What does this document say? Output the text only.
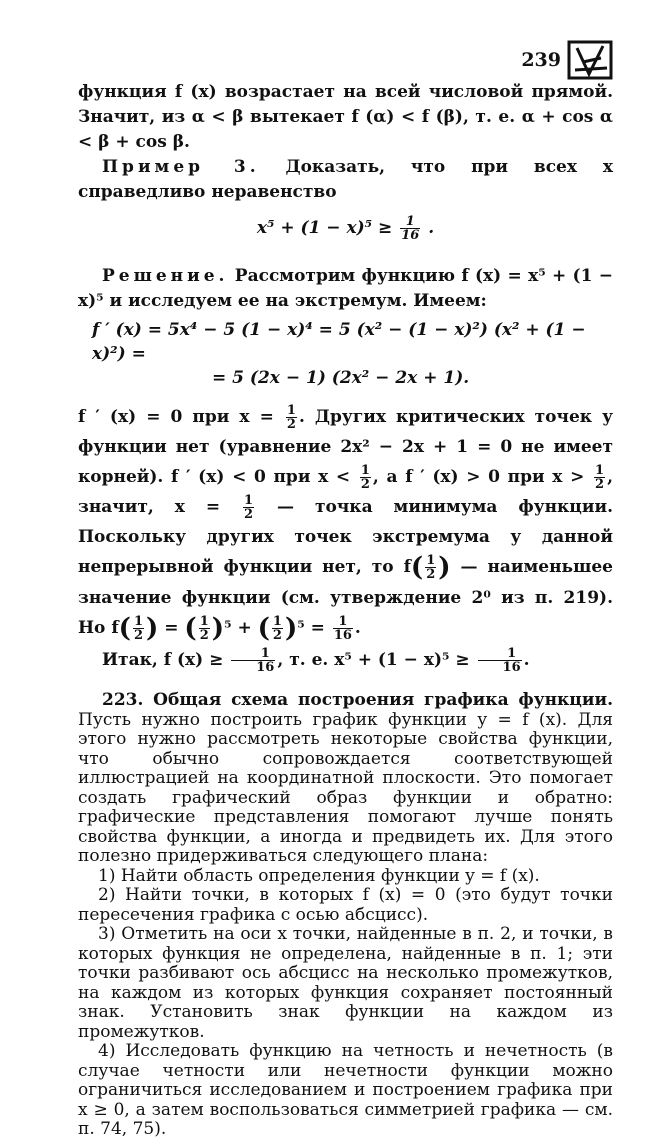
239

функция f (x) возрастает на всей числовой прямой. Значит, из α < β вытекает f (α) < f (β), т. е. α + cos α < β + cos β.

Пример 3. Доказать, что при всех x справедливо неравенство

$x^5 + (1 - x)^5 \ge \frac{1}{16}$ .

Решение. Рассмотрим функцию f (x) = x⁵ + (1 − x)⁵ и исследуем ее на экстремум. Имеем:

f ′ (x) = 5x⁴ − 5 (1 − x)⁴ = 5 (x² − (1 − x)²) (x² + (1 − x)²) =
= 5 (2x − 1) (2x² − 2x + 1).

f ′ (x) = 0 при $x = \frac{1}{2}$ . Других критических точек у функции нет (уравнение 2x² − 2x + 1 = 0 не имеет корней). f ′ (x) < 0 при $x < \frac{1}{2}$ , а f ′ (x) > 0 при $x > \frac{1}{2}$ , значит, $x = \frac{1}{2}$ — точка минимума функции. Поскольку других точек экстремума у данной непрерывной функции нет, то $f( \frac{1}{2}$ ) — наименьшее значение функции (см. утверждение 2⁰ из п. 219). Но $f( \frac{1}{2}$ ) = ( $\frac{1}{2} )^5$ + ( $\frac{1}{2} )^5 = \frac{1}{16}$ .

Итак, f $(x) \ge \frac{1}{16}$ , т. е. $x^5 + (1 - x)^5 \ge \frac{1}{16}$ .

223. Общая схема построения графика функции. Пусть нужно построить график функции y = f (x). Для этого нужно рассмотреть некоторые свойства функции, что обычно сопровождается соответствующей иллюстрацией на координатной плоскости. Это помогает создать графический образ функции и обратно: графические представления помогают лучше понять свойства функции, а иногда и предвидеть их. Для этого полезно придерживаться следующего плана:

1) Найти область определения функции y = f (x).

2) Найти точки, в которых f (x) = 0 (это будут точки пересечения графика с осью абсцисс).

3) Отметить на оси x точки, найденные в п. 2, и точки, в которых функция не определена, найденные в п. 1; эти точки разбивают ось абсцисс на несколько промежутков, на каждом из которых функция сохраняет постоянный знак. Установить знак функции на каждом из промежутков.

4) Исследовать функцию на четность и нечетность (в случае четности или нечетности функции можно ограничиться исследованием и построением графика при x ≥ 0, а затем воспользоваться симметрией графика — см. п. 74, 75).
